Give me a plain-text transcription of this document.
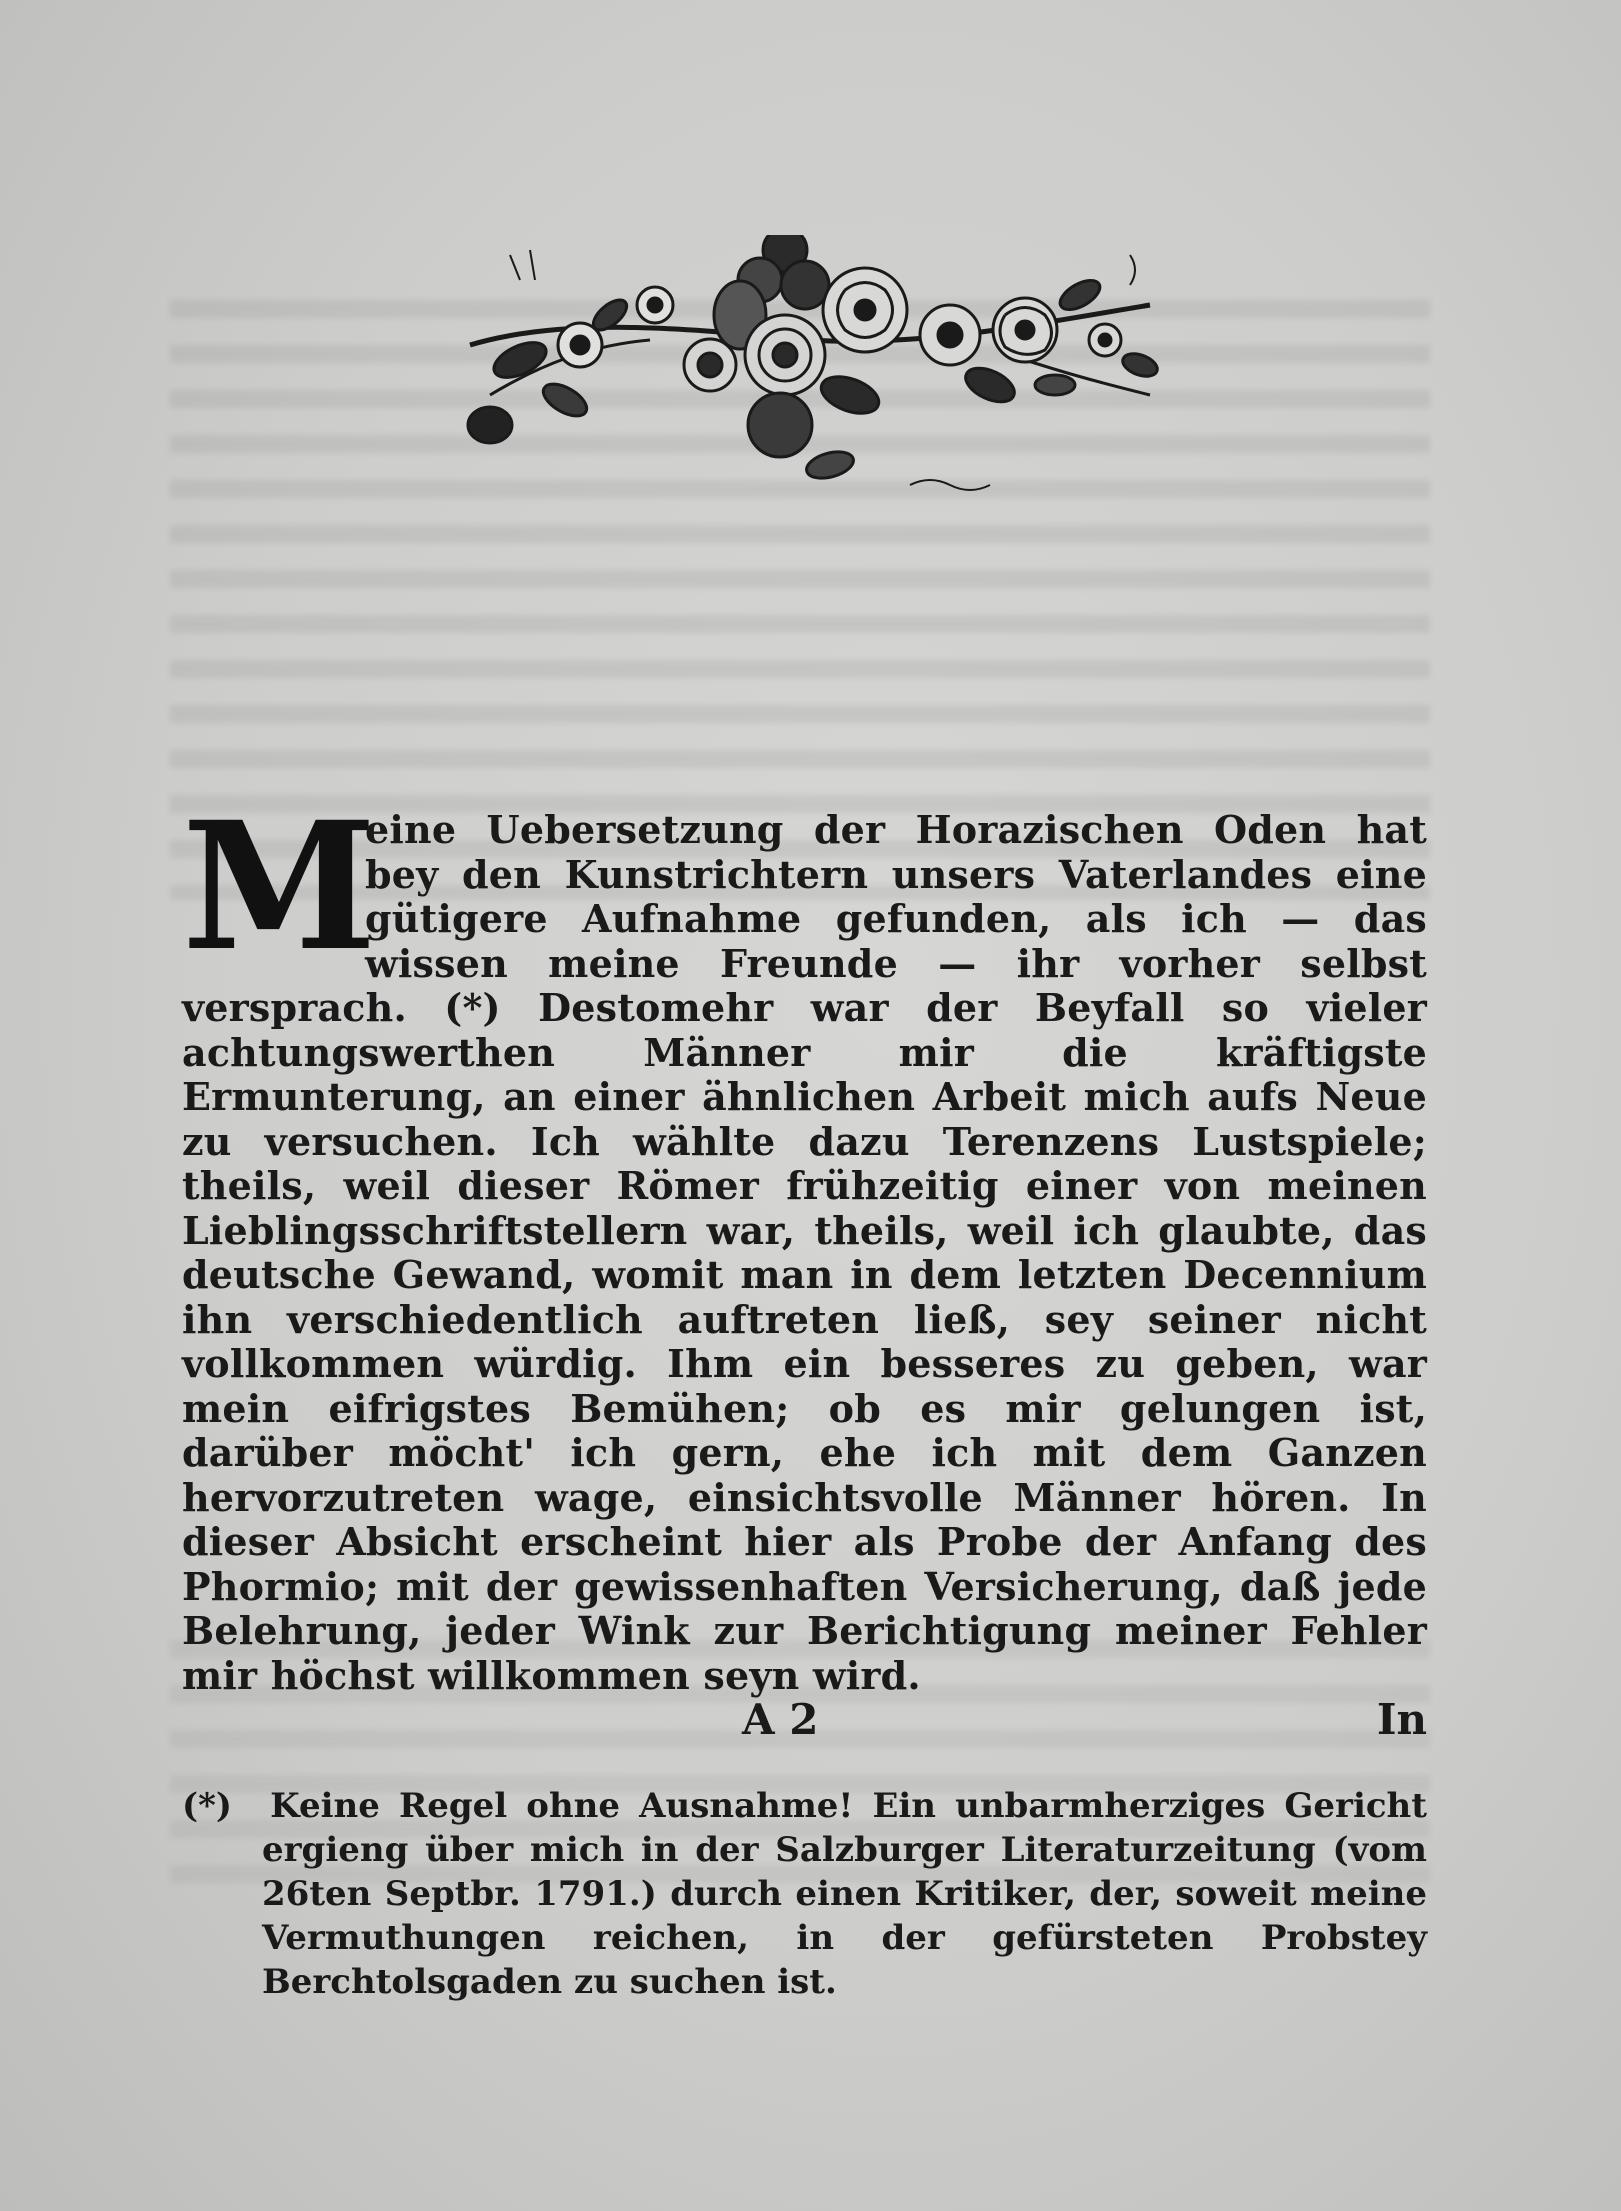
M
eine Uebersetzung der Horazischen Oden hat bey den Kunstrichtern unsers Vaterlandes eine gütigere Aufnahme gefunden, als ich — das wissen meine Freunde — ihr vorher selbst versprach. (*) Destomehr war der Beyfall so vieler achtungswerthen Männer mir die kräftigste Ermunterung, an einer ähnlichen Arbeit mich aufs Neue zu versuchen. Ich wählte dazu Terenzens Lustspiele; theils, weil dieser Römer frühzeitig einer von meinen Lieblingsschriftstellern war, theils, weil ich glaubte, das deutsche Gewand, womit man in dem letzten Decennium ihn verschiedentlich auftreten ließ, sey seiner nicht vollkommen würdig. Ihm ein besseres zu geben, war mein eifrigstes Bemühen; ob es mir gelungen ist, darüber möcht' ich gern, ehe ich mit dem Ganzen hervorzutreten wage, einsichtsvolle Männer hören. In dieser Absicht erscheint hier als Probe der Anfang des Phormio; mit der gewissenhaften Versicherung, daß jede Belehrung, jeder Wink zur Berichtigung meiner Fehler mir höchst willkommen seyn wird.
A 2	In
(*) Keine Regel ohne Ausnahme! Ein unbarmherziges Gericht ergieng über mich in der Salzburger Literaturzeitung (vom 26ten Septbr. 1791.) durch einen Kritiker, der, soweit meine Vermuthungen reichen, in der gefürsteten Probstey Berchtolsgaden zu suchen ist.
